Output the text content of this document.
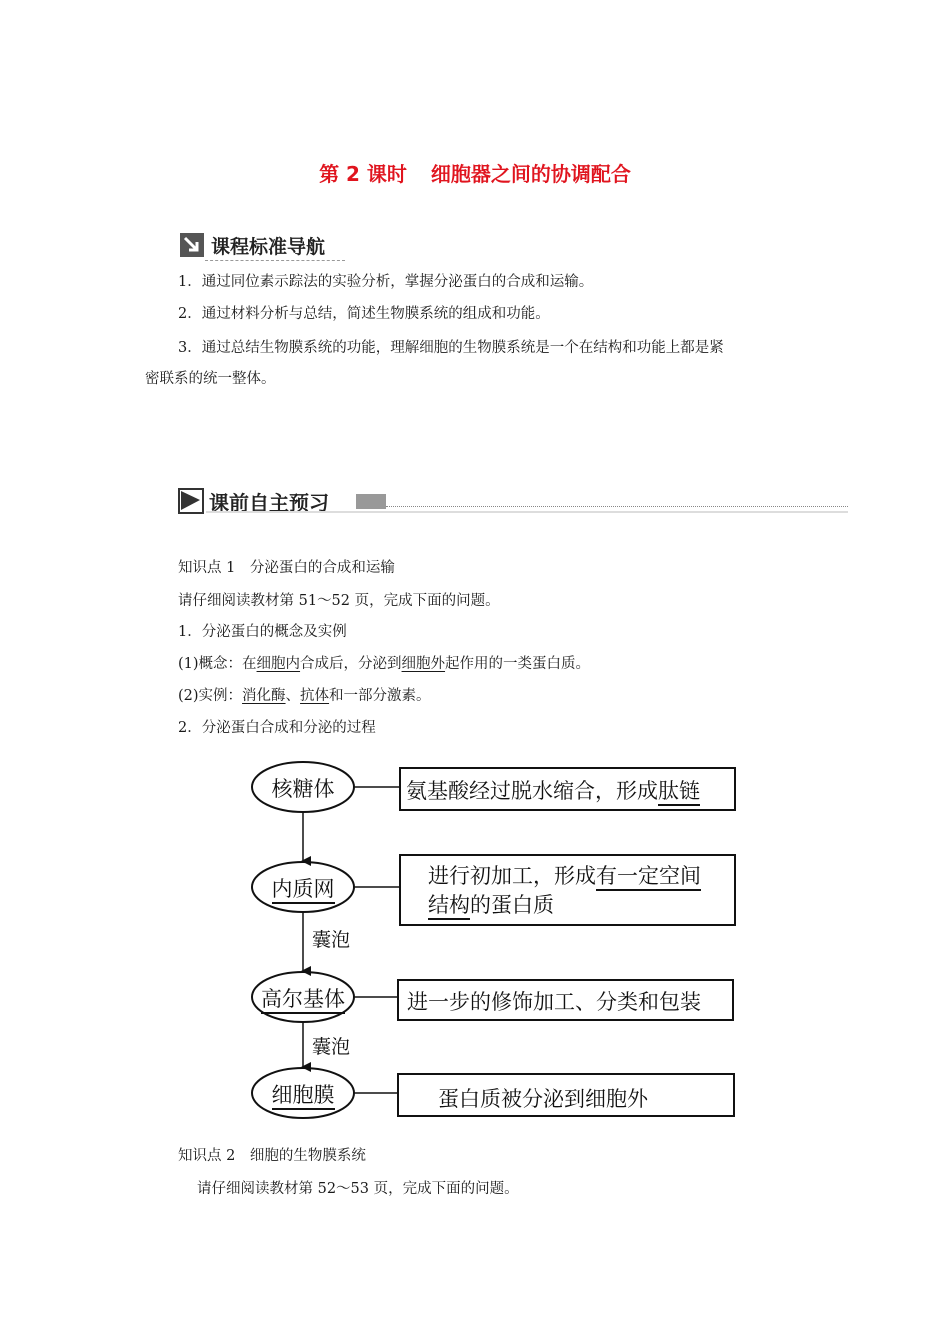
第 2 课时 细胞器之间的协调配合
课程标准导航
1．通过同位素示踪法的实验分析，掌握分泌蛋白的合成和运输。
2．通过材料分析与总结，简述生物膜系统的组成和功能。
3．通过总结生物膜系统的功能，理解细胞的生物膜系统是一个在结构和功能上都是紧
密联系的统一整体。
课前自主预习
知识点 1　分泌蛋白的合成和运输
请仔细阅读教材第 51～52 页，完成下面的问题。
1．分泌蛋白的概念及实例
(1)概念：在细胞内合成后，分泌到细胞外起作用的一类蛋白质。
(2)实例：消化酶、抗体和一部分激素。
2．分泌蛋白合成和分泌的过程
核糖体
内质网
高尔基体
细胞膜
囊泡
囊泡
氨基酸经过脱水缩合，形成肽链
进行初加工，形成有一定空间
结构的蛋白质
进一步的修饰加工、分类和包装
蛋白质被分泌到细胞外
知识点 2　细胞的生物膜系统
请仔细阅读教材第 52～53 页，完成下面的问题。
